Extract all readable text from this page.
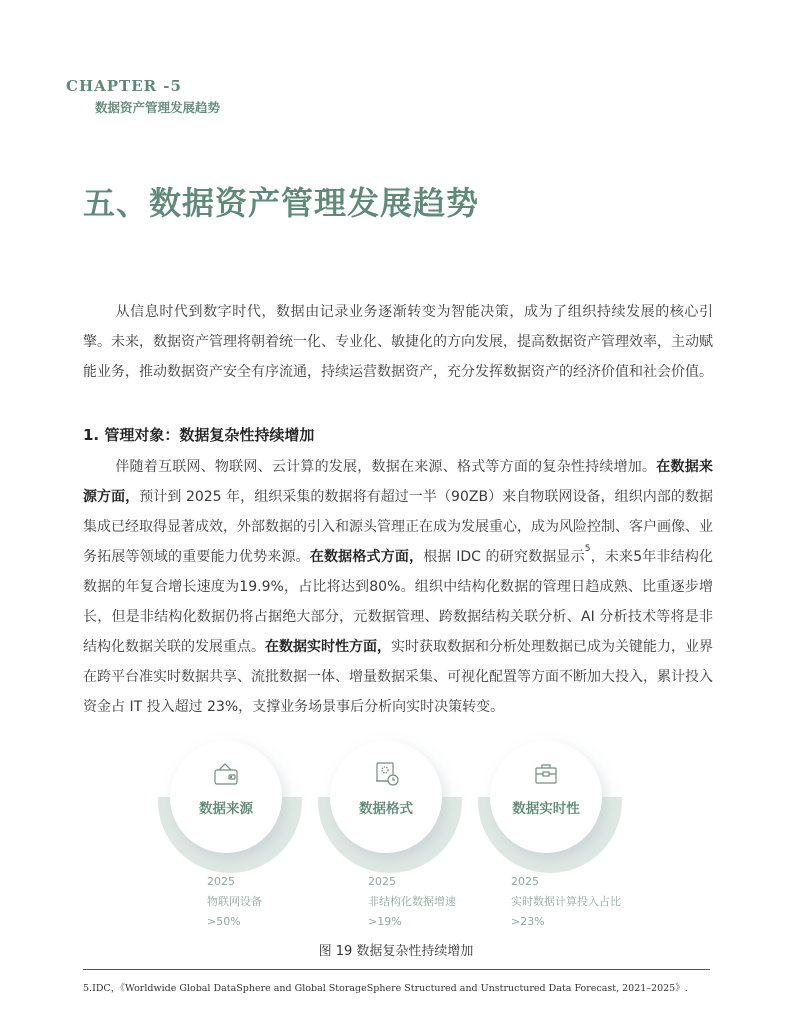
CHAPTER -5
数据资产管理发展趋势
五、数据资产管理发展趋势

从信息时代到数字时代，数据由记录业务逐渐转变为智能决策，成为了组织持续发展的核心引擎。未来，数据资产管理将朝着统一化、专业化、敏捷化的方向发展，提高数据资产管理效率，主动赋能业务，推动数据资产安全有序流通，持续运营数据资产，充分发挥数据资产的经济价值和社会价值。

1. 管理对象：数据复杂性持续增加

伴随着互联网、物联网、云计算的发展，数据在来源、格式等方面的复杂性持续增加。在数据来源方面，预计到 2025 年，组织采集的数据将有超过一半（90ZB）来自物联网设备，组织内部的数据集成已经取得显著成效，外部数据的引入和源头管理正在成为发展重心，成为风险控制、客户画像、业务拓展等领域的重要能力优势来源。在数据格式方面，根据 IDC 的研究数据显示$^5$，未来5年非结构化数据的年复合增长速度为19.9%，占比将达到80%。组织中结构化数据的管理日趋成熟、比重逐步增长，但是非结构化数据仍将占据绝大部分，元数据管理、跨数据结构关联分析、AI 分析技术等将是非结构化数据关联的发展重点。在数据实时性方面，实时获取数据和分析处理数据已成为关键能力，业界在跨平台准实时数据共享、流批数据一体、增量数据采集、可视化配置等方面不断加大投入，累计投入资金占 IT 投入超过 23%，支撑业务场景事后分析向实时决策转变。

数据来源	数据格式	数据实时性
2025
物联网设备
>50%
2025
非结构化数据增速
>19%
2025
实时数据计算投入占比
>23%
图 19 数据复杂性持续增加
5.IDC，《Worldwide Global DataSphere and Global StorageSphere Structured and Unstructured Data Forecast, 2021–2025》.
